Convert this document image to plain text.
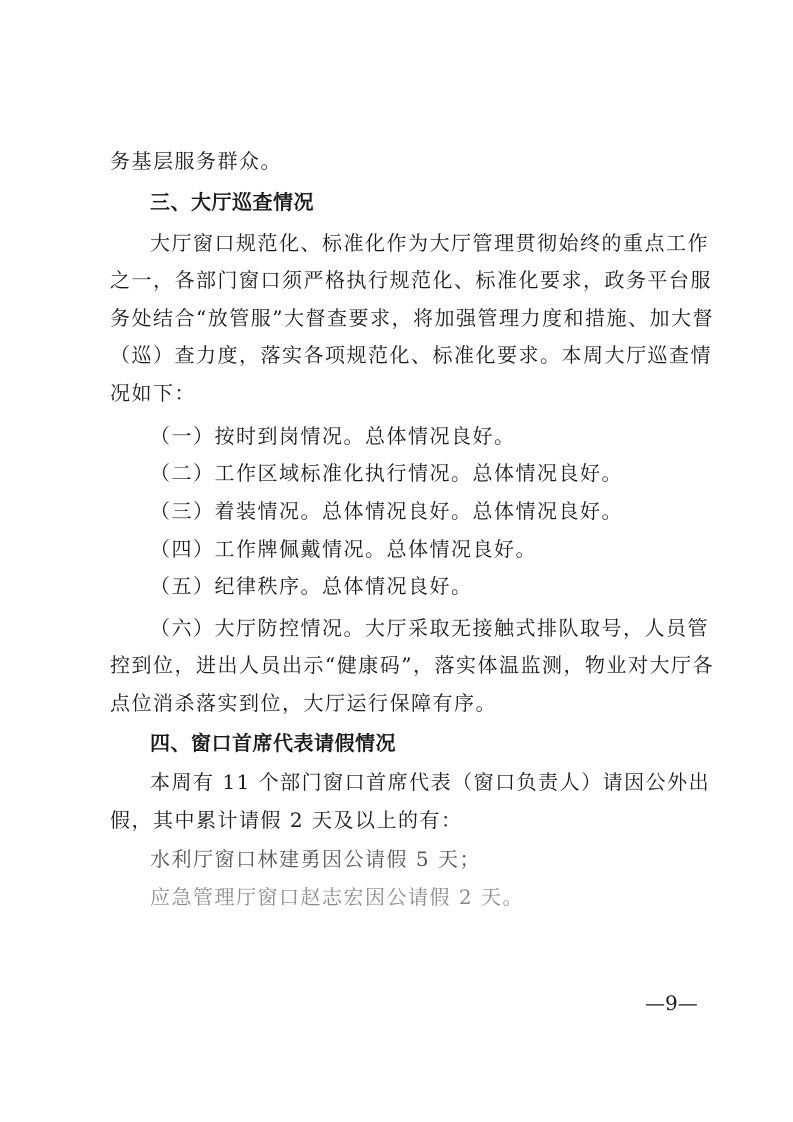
务基层服务群众。
三、大厅巡查情况
大厅窗口规范化、标准化作为大厅管理贯彻始终的重点工作
之一，各部门窗口须严格执行规范化、标准化要求，政务平台服
务处结合“放管服”大督查要求，将加强管理力度和措施、加大督
（巡）查力度，落实各项规范化、标准化要求。本周大厅巡查情
况如下：
（一）按时到岗情况。总体情况良好。
（二）工作区域标准化执行情况。总体情况良好。
（三）着装情况。总体情况良好。总体情况良好。
（四）工作牌佩戴情况。总体情况良好。
（五）纪律秩序。总体情况良好。
（六）大厅防控情况。大厅采取无接触式排队取号，人员管
控到位，进出人员出示“健康码”，落实体温监测，物业对大厅各
点位消杀落实到位，大厅运行保障有序。
四、窗口首席代表请假情况
本周有 11 个部门窗口首席代表（窗口负责人）请因公外出
假，其中累计请假 2 天及以上的有：
水利厅窗口林建勇因公请假 5 天；
应急管理厅窗口赵志宏因公请假 2 天。
—9—
